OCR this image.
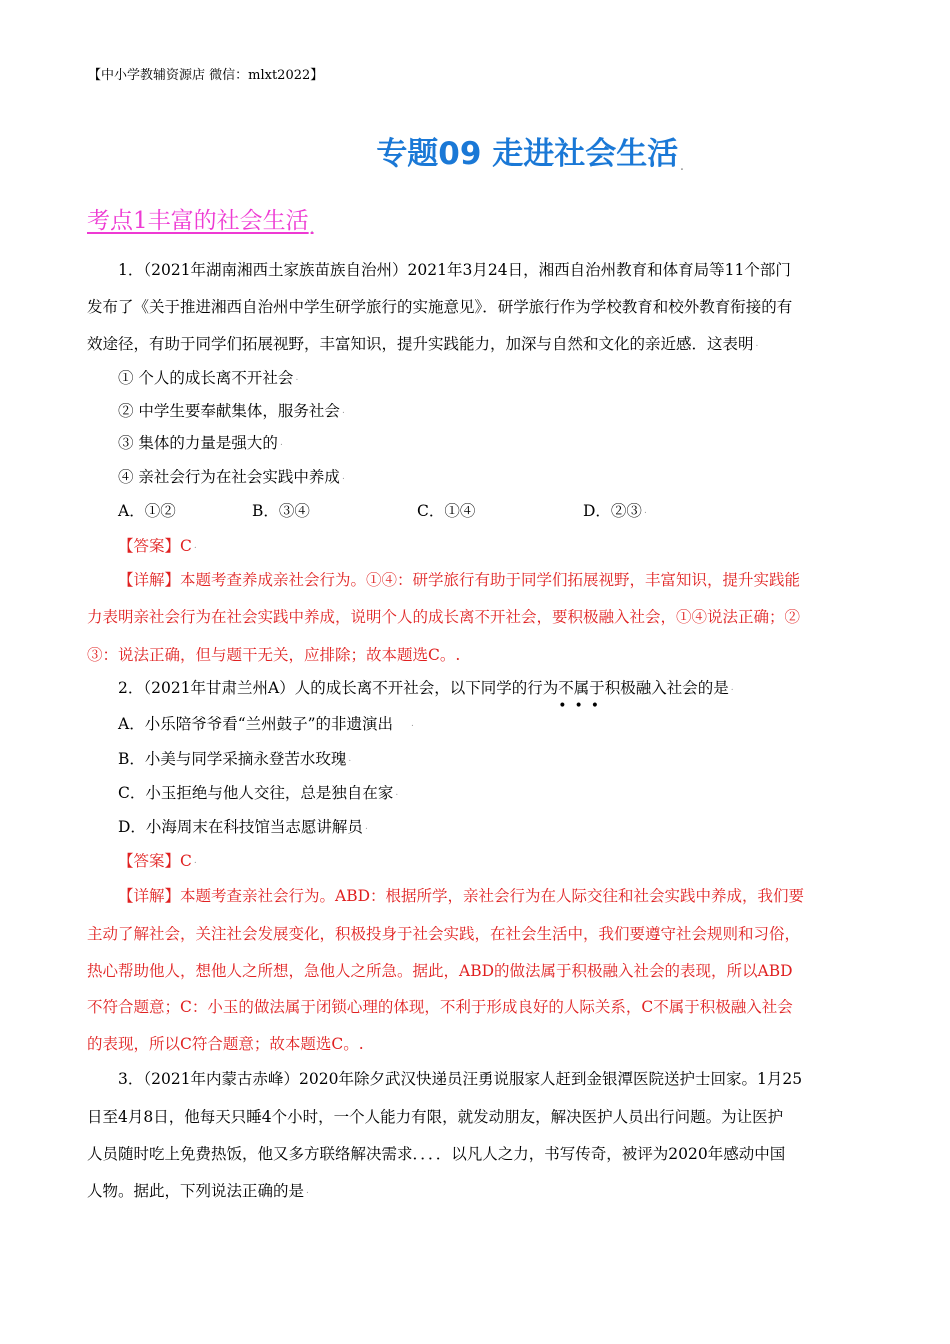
【中小学教辅资源店 微信：mlxt2022】
专题09 走进社会生活 .
考点1丰富的社会生活 .
1．（2021年湖南湘西土家族苗族自治州）2021年3月24日，湘西自治州教育和体育局等11个部门
发布了《关于推进湘西自治州中学生研学旅行的实施意见》．研学旅行作为学校教育和校外教育衔接的有
效途径，有助于同学们拓展视野，丰富知识，提升实践能力，加深与自然和文化的亲近感．这表明 .
① 个人的成长离不开社会 .
② 中学生要奉献集体，服务社会 .
③ 集体的力量是强大的 .
④ 亲社会行为在社会实践中养成 .
A．①②	B．③④	C．①④	D．②③ .
【答案】C .
【详解】本题考查养成亲社会行为。①④：研学旅行有助于同学们拓展视野，丰富知识，提升实践能
力表明亲社会行为在社会实践中养成，说明个人的成长离不开社会，要积极融入社会，①④说法正确；②
③：说法正确，但与题干无关，应排除；故本题选C。.
2．（2021年甘肃兰州A）人的成长离不开社会，以下同学的行为不属于
•••
积极融入社会的是 .
A．小乐陪爷爷看“兰州鼓子”的非遗演出 .
B．小美与同学采摘永登苦水玫瑰 .
C．小玉拒绝与他人交往，总是独自在家 .
D．小海周末在科技馆当志愿讲解员 .
【答案】C .
【详解】本题考查亲社会行为。ABD：根据所学，亲社会行为在人际交往和社会实践中养成，我们要
主动了解社会，关注社会发展变化，积极投身于社会实践，在社会生活中，我们要遵守社会规则和习俗，
热心帮助他人，想他人之所想，急他人之所急。据此，ABD的做法属于积极融入社会的表现，所以ABD
不符合题意；C：小玉的做法属于闭锁心理的体现，不利于形成良好的人际关系，C不属于积极融入社会
的表现，所以C符合题意；故本题选C。.
3．（2021年内蒙古赤峰）2020年除夕武汉快递员汪勇说服家人赶到金银潭医院送护士回家。1月25
日至4月8日，他每天只睡4个小时，一个人能力有限，就发动朋友，解决医护人员出行问题。为让医护
人员随时吃上免费热饭，他又多方联络解决需求．．．．以凡人之力，书写传奇，被评为2020年感动中国
人物。据此，下列说法正确的是 .
